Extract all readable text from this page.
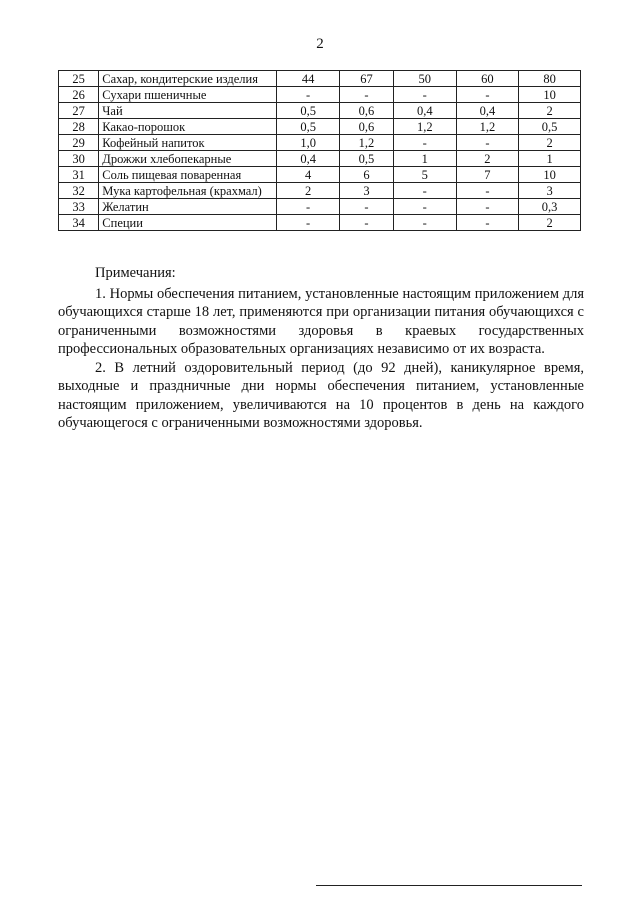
2
25	Сахар, кондитерские изделия	44	67	50	60	80
26	Сухари пшеничные	-	-	-	-	10
27	Чай	0,5	0,6	0,4	0,4	2
28	Какао-порошок	0,5	0,6	1,2	1,2	0,5
29	Кофейный напиток	1,0	1,2	-	-	2
30	Дрожжи хлебопекарные	0,4	0,5	1	2	1
31	Соль пищевая поваренная	4	6	5	7	10
32	Мука картофельная (крахмал)	2	3	-	-	3
33	Желатин	-	-	-	-	0,3
34	Специи	-	-	-	-	2
Примечания:

1. Нормы обеспечения питанием, установленные настоящим приложением для обучающихся старше 18 лет, применяются при организации питания обучающихся с ограниченными возможностями здоровья в краевых государственных профессиональных образовательных организациях независимо от их возраста.

2. В летний оздоровительный период (до 92 дней), каникулярное время, выходные и праздничные дни нормы обеспечения питанием, установленные настоящим приложением, увеличиваются на 10 процентов в день на каждого обучающегося с ограниченными возможностями здоровья.
